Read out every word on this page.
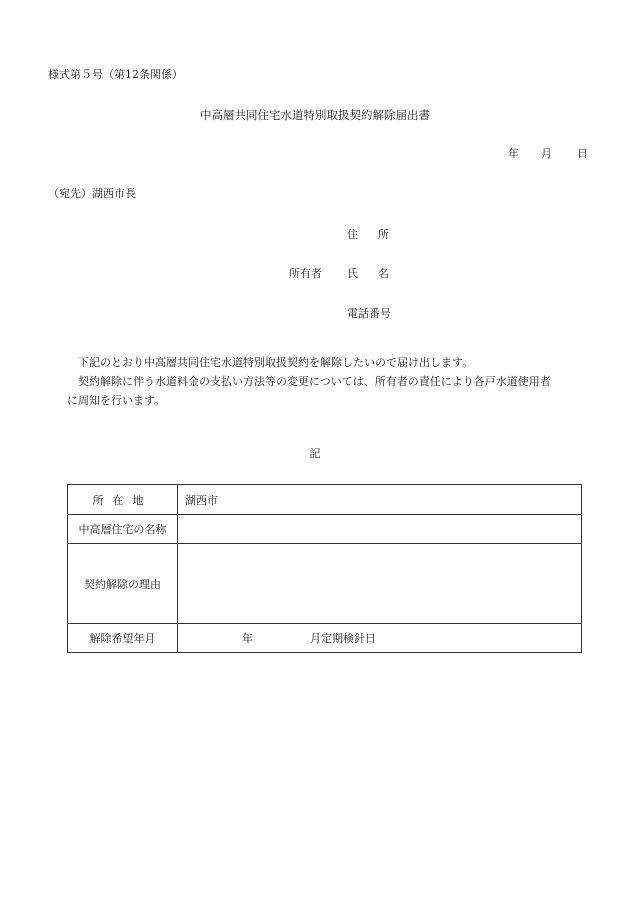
様式第５号（第12条関係）
中高層共同住宅水道特別取扱契約解除届出書
年 月 日
（宛先）湖西市長
住所
所有者 氏名
電話番号

下記のとおり中高層共同住宅水道特別取扱契約を解除したいので届け出します。

契約解除に伴う水道料金の支払い方法等の変更については、所有者の責任により各戸水道使用者
に周知を行います。

記
所在地	湖西市
中高層住宅の名称	
契約解除の理由	
解除希望年月	年 月定期検針日
